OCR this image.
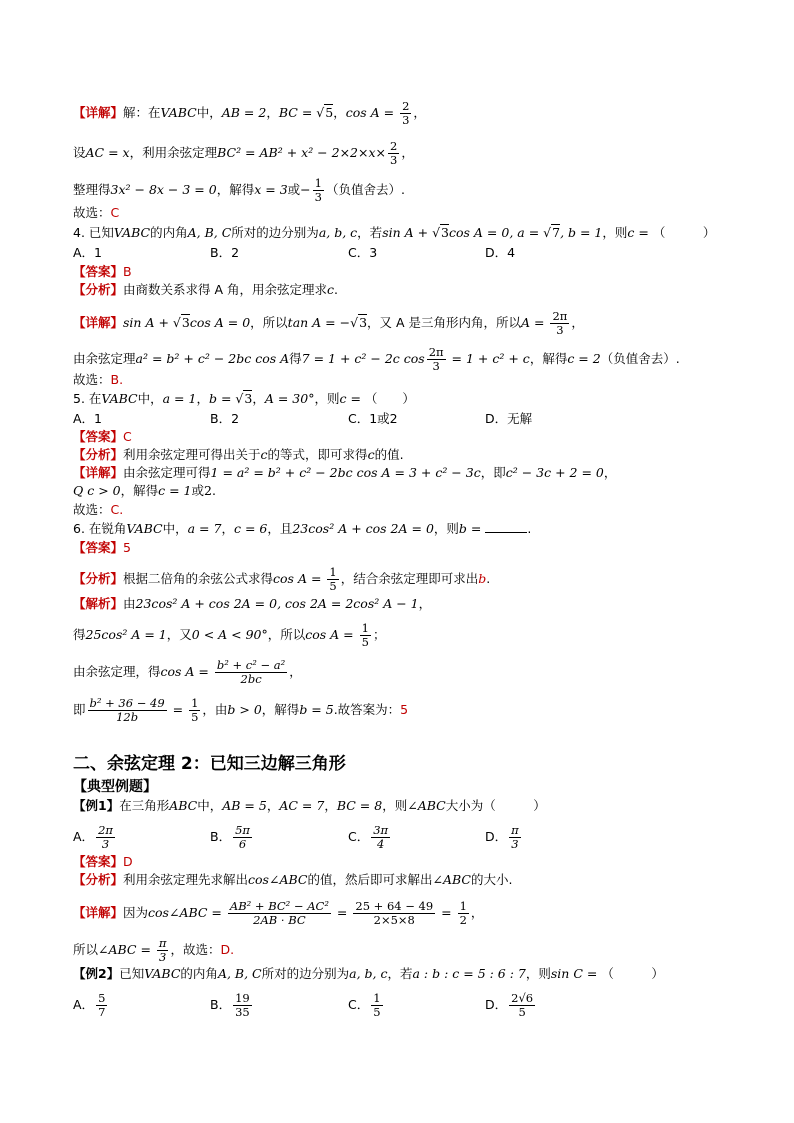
【详解】解：在VABC中，AB = 2，BC = √5，$\cos A = \frac{2}{3}$ ，
设AC = x，利用余弦定理$BC^2 = AB^2 + x^2 - 2\times 2\times x\times \frac{2}{3}$ ，
整理得3x² − 8x − 3 = 0，解得x = 3或− $\frac{1}{3}$ （负值舍去）.
故选：C
4. 已知VABC的内角A, B, C所对的边分别为a, b, c，若sin A + √3cos A = 0, a = √7, b = 1，则c = （　　　）
A．1	B．2	C．3	D．4
【答案】B
【分析】由商数关系求得 A 角，用余弦定理求c.
【详解】sin A + √3cos A = 0，所以tan A = −√3，又 A 是三角形内角，所以$A = \frac{2\pi}{3}$ ，
由余弦定理a² = b² + c² − 2bc cos A得7 = 1 + c² − 2c $\cos \frac{2\pi}{3} = 1 + c^2 + c$，解得c = 2（负值舍去）.
故选：B.
5. 在VABC中，a = 1，b = √3，A = 30°，则c = （　　）
A．1	B．2	C．1或2	D．无解
【答案】C
【分析】利用余弦定理可得出关于c的等式，即可求得c的值.
【详解】由余弦定理可得1 = a² = b² + c² − 2bc cos A = 3 + c² − 3c，即c² − 3c + 2 = 0，
Q c > 0，解得c = 1或2.
故选：C.
6. 在锐角VABC中，a = 7，c = 6，且23cos² A + cos 2A = 0，则b =	.
【答案】5
【分析】根据二倍角的余弦公式求得$\cos A = \frac{1}{5}$ ，结合余弦定理即可求出b.
【解析】由23cos² A + cos 2A = 0, cos 2A = 2cos² A − 1，
得25cos² A = 1，又0 < A < 90°，所以$\cos A = \frac{1}{5}$ ；
由余弦定理，得$\cos A = \frac{\text{b² + c² − a²}}{2bc}$ ，
即 $\frac{\text{b² + 36 − 49}}{12b} = \frac{1}{5}$ ，由b > 0，解得b = 5.故答案为：5
二、余弦定理 2：已知三边解三角形
【典型例题】
【例1】在三角形ABC中，AB = 5，AC = 7，BC = 8，则∠ABC大小为（　　　）
A． $\frac{2\pi}{3}$	B． $\frac{5\pi}{6}$	C． $\frac{3\pi}{4}$	D． $\frac{\pi}{3}$
【答案】D
【分析】利用余弦定理先求解出cos∠ABC的值，然后即可求解出∠ABC的大小.
【详解】因为cos∠ABC = $\frac{\text{AB² + BC² − AC²}}{2AB \cdot BC} = \frac{25 + 64 - 49}{2\times 5\times 8} = \frac{1}{2}$ ，
所以∠ABC = $\frac{\pi}{3}$ ，故选：D.
【例2】已知VABC的内角A, B, C所对的边分别为a, b, c，若a : b : c = 5 : 6 : 7，则sin C = （　　　）
A． $\frac{5}{7}$	B． $\frac{19}{35}$	C． $\frac{1}{5}$	D． $\frac{2√6}{5}$
